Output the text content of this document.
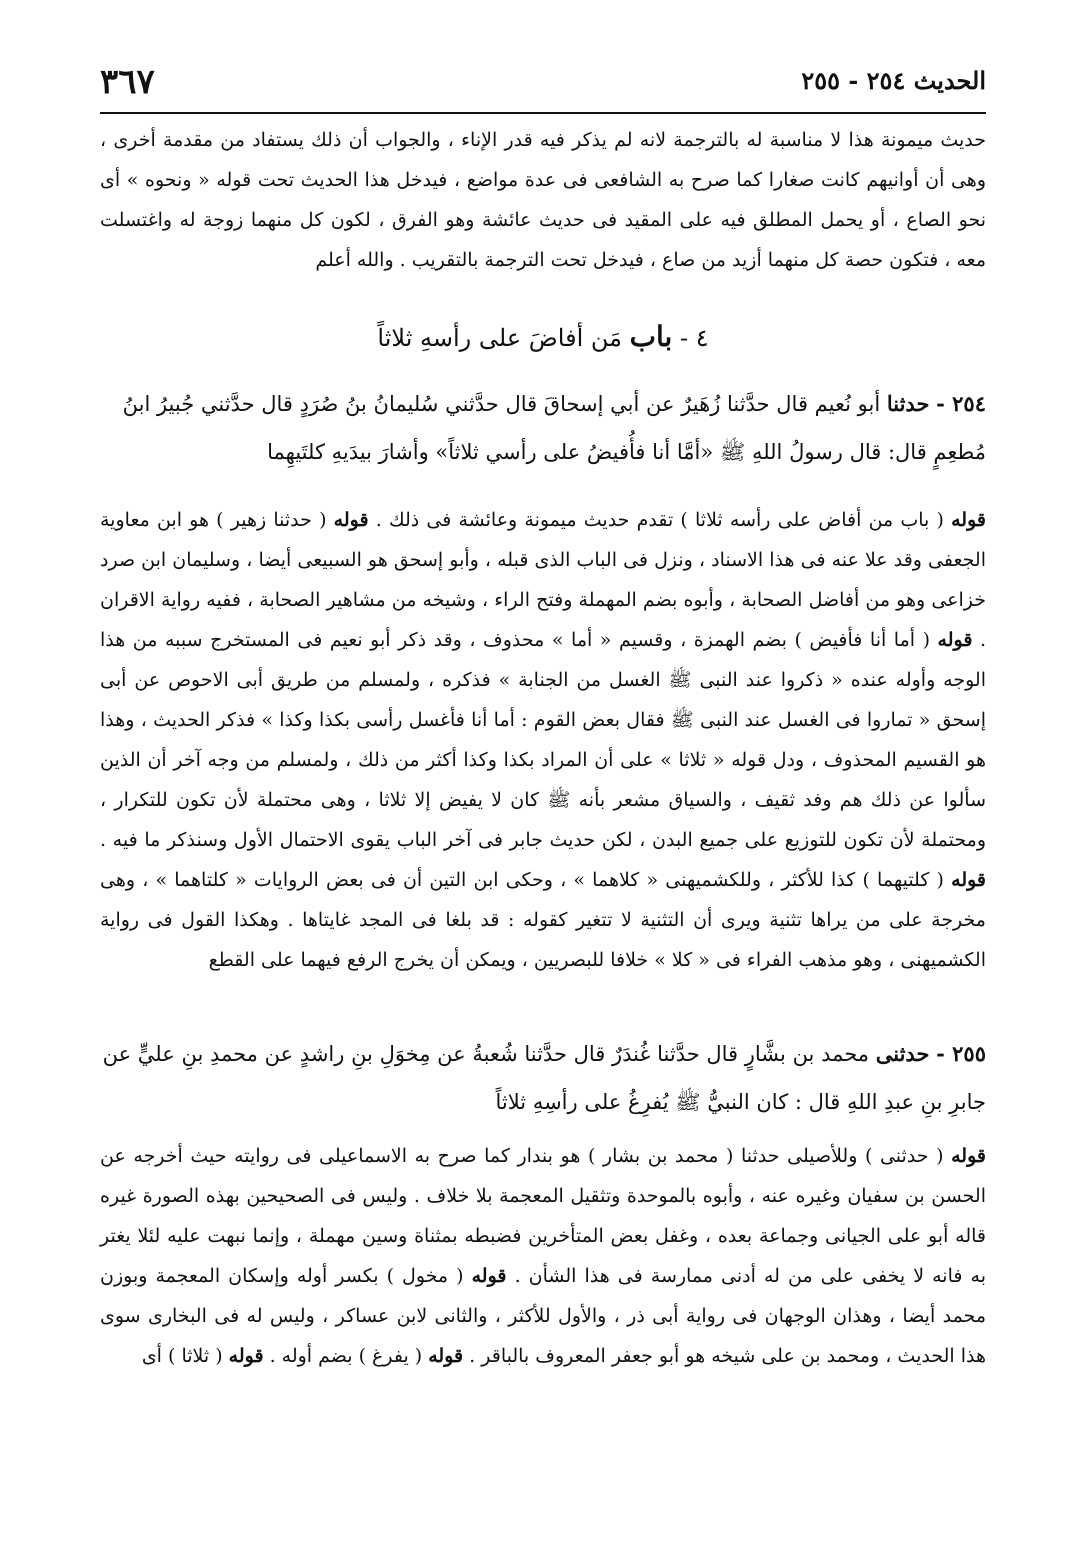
الحديث ٢٥٤ - ٢٥٥
٣٦٧

حديث ميمونة هذا لا مناسبة له بالترجمة لانه لم يذكر فيه قدر الإناء ، والجواب أن ذلك يستفاد من مقدمة أخرى ، وهى أن أوانيهم كانت صغارا كما صرح به الشافعى فى عدة مواضع ، فيدخل هذا الحديث تحت قوله « ونحوه » أى نحو الصاع ، أو يحمل المطلق فيه على المقيد فى حديث عائشة وهو الفرق ، لكون كل منهما زوجة له واغتسلت معه ، فتكون حصة كل منهما أزيد من صاع ، فيدخل تحت الترجمة بالتقريب . والله أعلم

٤ - باب مَن أفاضَ على رأسهِ ثلاثاً

٢٥٤ - حدثنا أبو نُعيم قال حدَّثنا زُهَيرٌ عن أبي إسحاقَ قال حدَّثني سُليمانُ بنُ صُرَدٍ قال حدَّثني جُبيرُ ابنُ مُطعِمٍ قال: قال رسولُ اللهِ ﷺ «أمَّا أنا فأُفيضُ على رأسي ثلاثاً» وأشارَ بيدَيهِ كلتَيهِما

قوله ( باب من أفاض على رأسه ثلاثا ) تقدم حديث ميمونة وعائشة فى ذلك . قوله ( حدثنا زهير ) هو ابن معاوية الجعفى وقد علا عنه فى هذا الاسناد ، ونزل فى الباب الذى قبله ، وأبو إسحق هو السبيعى أيضا ، وسليمان ابن صرد خزاعى وهو من أفاضل الصحابة ، وأبوه بضم المهملة وفتح الراء ، وشيخه من مشاهير الصحابة ، ففيه رواية الاقران . قوله ( أما أنا فأفيض ) بضم الهمزة ، وقسيم « أما » محذوف ، وقد ذكر أبو نعيم فى المستخرج سببه من هذا الوجه وأوله عنده « ذكروا عند النبى ﷺ الغسل من الجنابة » فذكره ، ولمسلم من طريق أبى الاحوص عن أبى إسحق « تماروا فى الغسل عند النبى ﷺ فقال بعض القوم : أما أنا فأغسل رأسى بكذا وكذا » فذكر الحديث ، وهذا هو القسيم المحذوف ، ودل قوله « ثلاثا » على أن المراد بكذا وكذا أكثر من ذلك ، ولمسلم من وجه آخر أن الذين سألوا عن ذلك هم وفد ثقيف ، والسياق مشعر بأنه ﷺ كان لا يفيض إلا ثلاثا ، وهى محتملة لأن تكون للتكرار ، ومحتملة لأن تكون للتوزيع على جميع البدن ، لكن حديث جابر فى آخر الباب يقوى الاحتمال الأول وسنذكر ما فيه . قوله ( كلتيهما ) كذا للأكثر ، وللكشميهنى « كلاهما » ، وحكى ابن التين أن فى بعض الروايات « كلتاهما » ، وهى مخرجة على من يراها تثنية ويرى أن التثنية لا تتغير كقوله : قد بلغا فى المجد غايتاها . وهكذا القول فى رواية الكشميهنى ، وهو مذهب الفراء فى « كلا » خلافا للبصريين ، ويمكن أن يخرج الرفع فيهما على القطع

٢٥٥ - حدثنى محمد بن بشَّارٍ قال حدَّثنا غُندَرٌ قال حدَّثنا شُعبةُ عن مِخوَلِ بنِ راشدٍ عن محمدِ بنِ عليٍّ عن جابرِ بنِ عبدِ اللهِ قال : كان النبيُّ ﷺ يُفرِغُ على رأسِهِ ثلاثاً

قوله ( حدثنى ) وللأصيلى حدثنا ( محمد بن بشار ) هو بندار كما صرح به الاسماعيلى فى روايته حيث أخرجه عن الحسن بن سفيان وغيره عنه ، وأبوه بالموحدة وتثقيل المعجمة بلا خلاف . وليس فى الصحيحين بهذه الصورة غيره قاله أبو على الجيانى وجماعة بعده ، وغفل بعض المتأخرين فضبطه بمثناة وسين مهملة ، وإنما نبهت عليه لئلا يغتر به فانه لا يخفى على من له أدنى ممارسة فى هذا الشأن . قوله ( مخول ) بكسر أوله وإسكان المعجمة وبوزن محمد أيضا ، وهذان الوجهان فى رواية أبى ذر ، والأول للأكثر ، والثانى لابن عساكر ، وليس له فى البخارى سوى هذا الحديث ، ومحمد بن على شيخه هو أبو جعفر المعروف بالباقر . قوله ( يفرغ ) بضم أوله . قوله ( ثلاثا ) أى
